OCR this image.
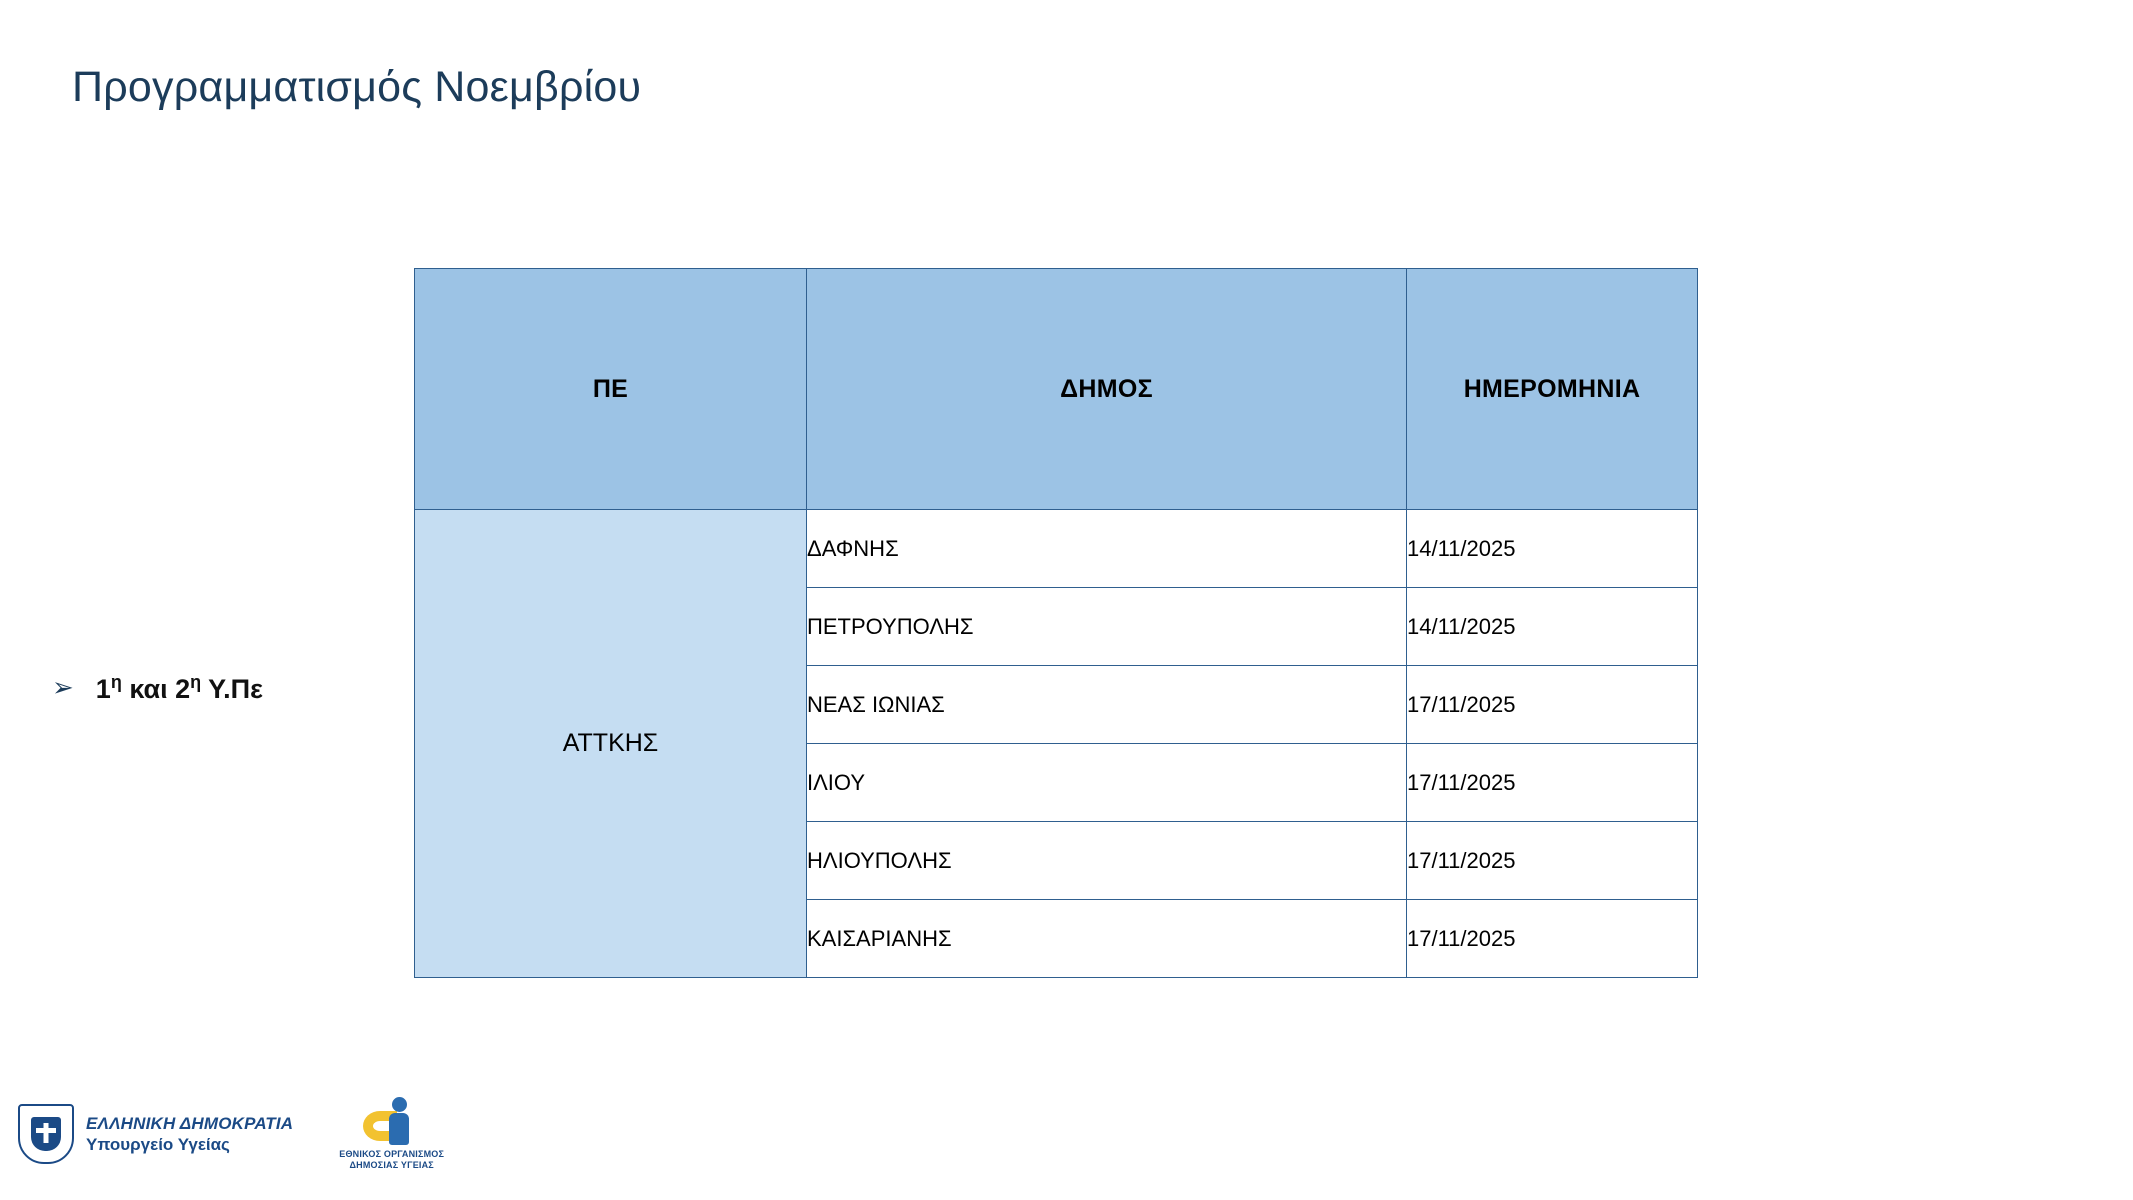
Προγραμματισμός Νοεμβρίου
➢ $1^\eta$ και $2^\eta$ Υ.Πε
ΠΕ	ΔΗΜΟΣ	ΗΜΕΡΟΜΗΝΙΑ
ΑΤΤΚΗΣ	ΔΑΦΝΗΣ	14/11/2025
	ΠΕΤΡΟΥΠΟΛΗΣ	14/11/2025
	ΝΕΑΣ ΙΩΝΙΑΣ	17/11/2025
	ΙΛΙΟΥ	17/11/2025
	ΗΛΙΟΥΠΟΛΗΣ	17/11/2025
	ΚΑΙΣΑΡΙΑΝΗΣ	17/11/2025
ΕΛΛΗΝΙΚΗ ΔΗΜΟΚΡΑΤΙΑ
Υπουργείο Υγείας
ΕΘΝΙΚΟΣ ΟΡΓΑΝΙΣΜΟΣ
ΔΗΜΟΣΙΑΣ ΥΓΕΙΑΣ
